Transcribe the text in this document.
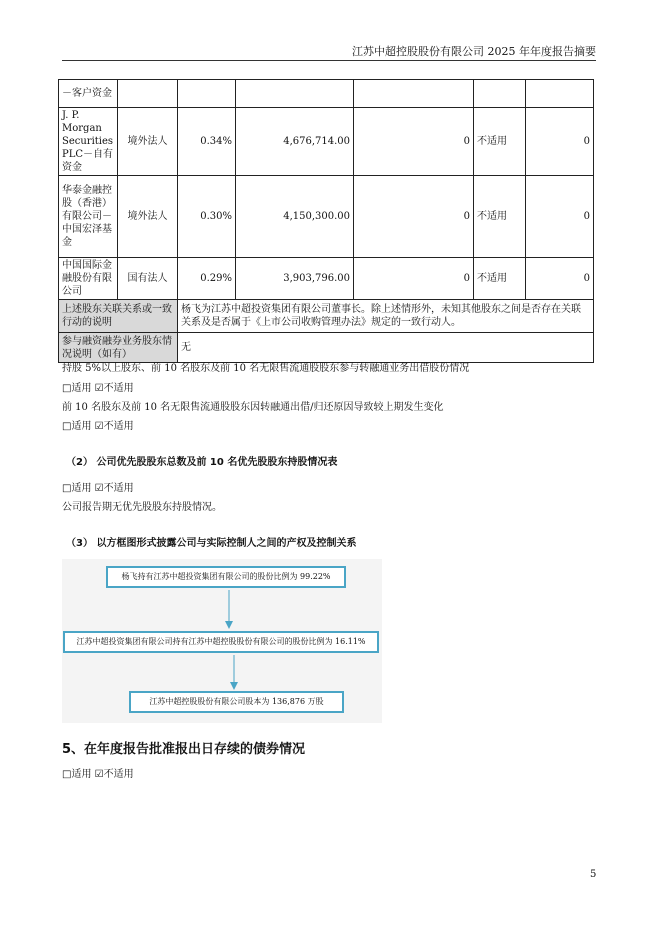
江苏中超控股股份有限公司 2025 年年度报告摘要
－客户资金						
J. P. Morgan Securities PLC－自有资金	境外法人	0.34%	4,676,714.00	0	不适用	0
华泰金融控股（香港）有限公司－中国宏泽基金	境外法人	0.30%	4,150,300.00	0	不适用	0
中国国际金融股份有限公司	国有法人	0.29%	3,903,796.00	0	不适用	0
上述股东关联关系或一致行动的说明		杨飞为江苏中超投资集团有限公司董事长。除上述情形外，未知其他股东之间是否存在关联关系及是否属于《上市公司收购管理办法》规定的一致行动人。				
参与融资融券业务股东情况说明（如有）		无				
持股 5%以上股东、前 10 名股东及前 10 名无限售流通股股东参与转融通业务出借股份情况
□适用 ☑不适用
前 10 名股东及前 10 名无限售流通股股东因转融通出借/归还原因导致较上期发生变化
□适用 ☑不适用
（2） 公司优先股股东总数及前 10 名优先股股东持股情况表
□适用 ☑不适用
公司报告期无优先股股东持股情况。
（3） 以方框图形式披露公司与实际控制人之间的产权及控制关系
杨飞持有江苏中超投资集团有限公司的股份比例为 99.22%
江苏中超投资集团有限公司持有江苏中超控股股份有限公司的股份比例为 16.11%
江苏中超控股股份有限公司股本为 136,876 万股
5、在年度报告批准报出日存续的债券情况
□适用 ☑不适用
5
